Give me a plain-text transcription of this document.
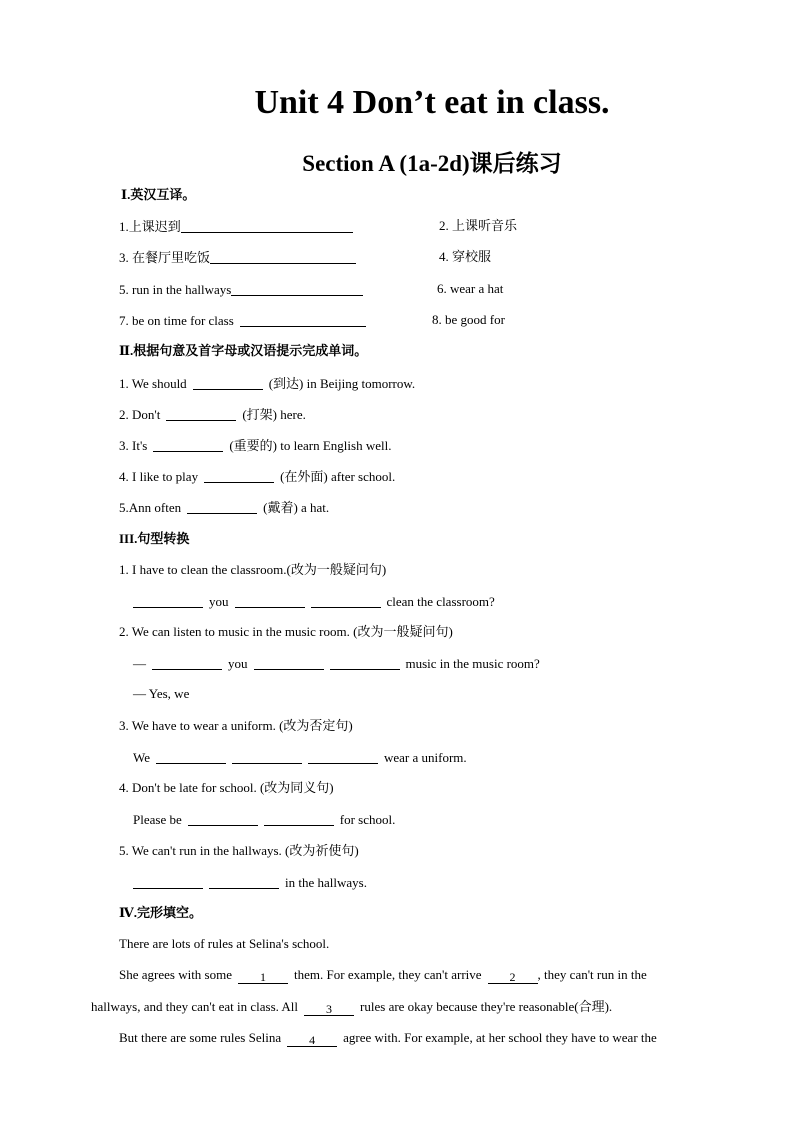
Unit 4 Don’t eat in class.
Section A (1a-2d)课后练习
Ⅰ.英汉互译。
1.上课迟到	2. 上课听音乐
3. 在餐厅里吃饭	4. 穿校服
5. run in the hallways	6. wear a hat
7. be on time for class	8. be good for
Ⅱ.根据句意及首字母或汉语提示完成单词。
1. We should	(到达) in Beijing tomorrow.
2. Don't	(打架) here.
3. It's	(重要的) to learn English well.
4. I like to play	(在外面) after school.
5.Ann often	(戴着) a hat.
III.句型转换
1. I have to clean the classroom.(改为一般疑问句)
you	clean the classroom?
2. We can listen to music in the music room. (改为一般疑问句)
—	you	music in the music room?
— Yes, we
3. We have to wear a uniform. (改为否定句)
We	wear a uniform.
4. Don't be late for school. (改为同义句)
Please be	for school.
5. We can't run in the hallways. (改为祈使句)
in the hallways.
Ⅳ.完形填空。
There are lots of rules at Selina's school.
She agrees with some 1 them. For example, they can't arrive 2 , they can't run in the
hallways, and they can't eat in class. All 3 rules are okay because they're reasonable(合理).
But there are some rules Selina 4 agree with. For example, at her school they have to wear the
